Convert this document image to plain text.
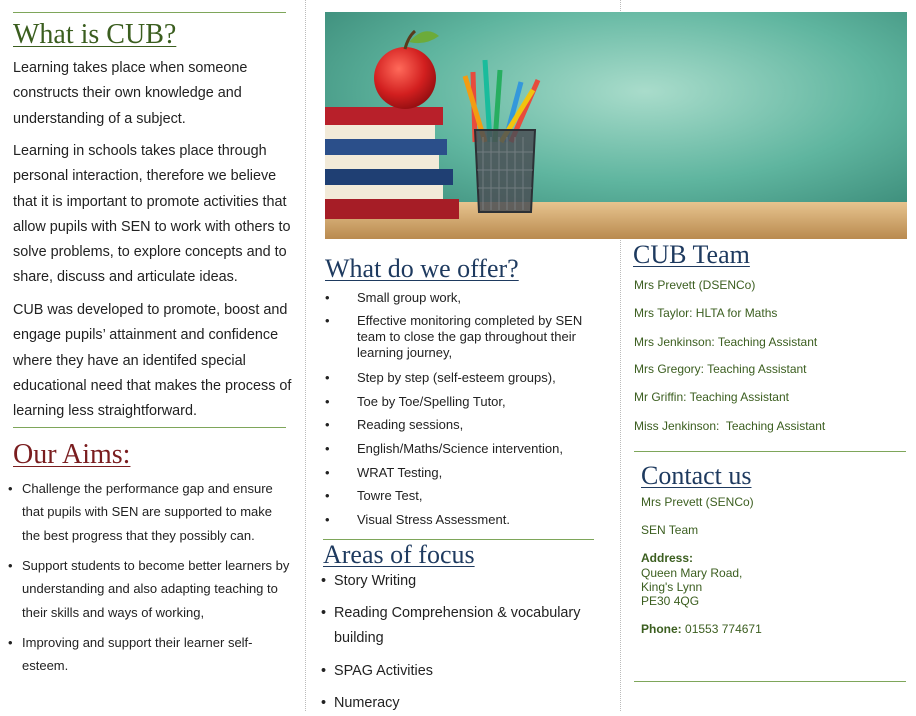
What is CUB?
Learning takes place when someone constructs their own knowledge and understanding of a subject.
Learning in schools takes place through personal interaction, therefore we believe that it is important to promote activities that allow pupils with SEN to work with others to solve problems, to explore concepts and to share, discuss and articulate ideas.
CUB was developed to promote, boost and engage pupils’ attainment and confidence where they have an identifed special educational need that makes the process of learning less straightforward.
Our Aims:
• Challenge the performance gap and ensure that pupils with SEN are supported to make the best progress that they possibly can.
• Support students to become better learners by understanding and also adapting teaching to their skills and ways of working,
• Improving and support their learner self-esteem.
What do we offer?
•	Small group work,
•	Effective monitoring completed by SEN team to close the gap throughout their learning journey,
•	Step by step (self-esteem groups),
•	Toe by Toe/Spelling Tutor,
•	Reading sessions,
•	English/Maths/Science intervention,
•	WRAT Testing,
•	Towre Test,
•	Visual Stress Assessment.
Areas of focus
• Story Writing
• Reading Comprehension & vocabulary building
• SPAG Activities
• Numeracy
CUB Team
Mrs Prevett (DSENCo)
Mrs Taylor: HLTA for Maths
Mrs Jenkinson: Teaching Assistant
Mrs Gregory: Teaching Assistant
Mr Griffin: Teaching Assistant
Miss Jenkinson:  Teaching Assistant
Contact us
Mrs Prevett (SENCo)
SEN Team
Address:
Queen Mary Road,
King's Lynn
PE30 4QG
Phone: 01553 774671
